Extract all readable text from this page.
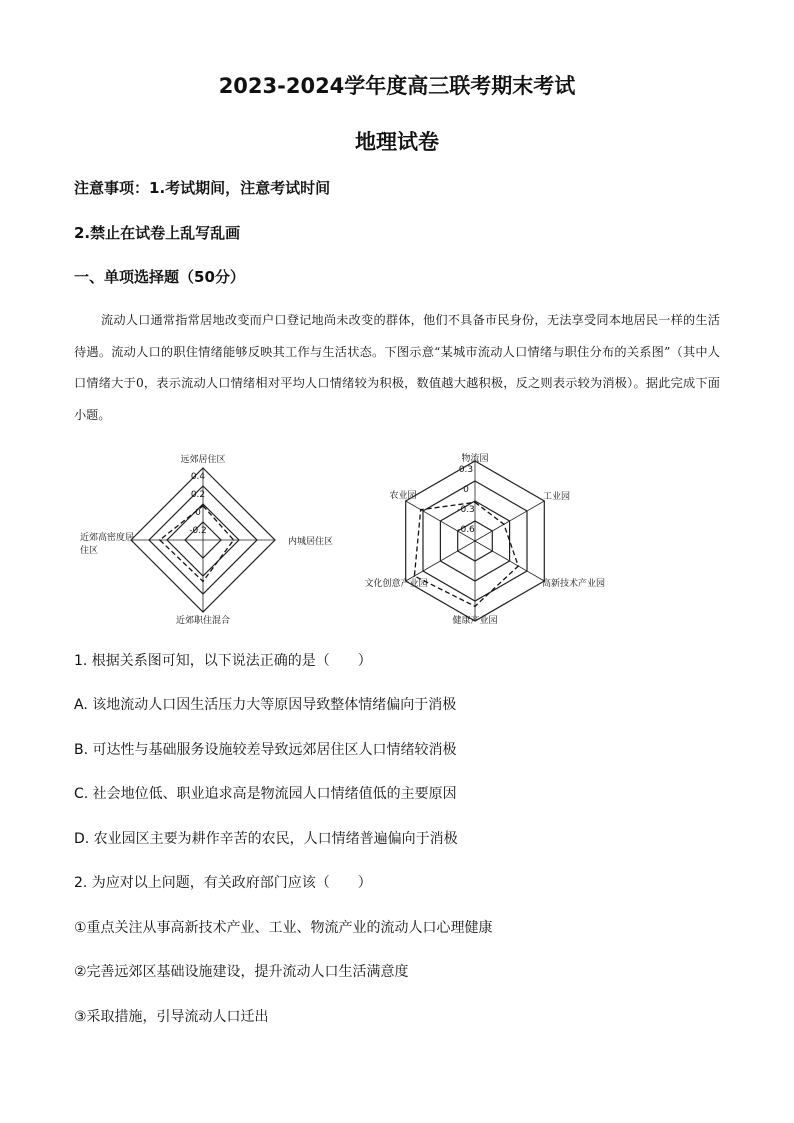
2023-2024学年度高三联考期末考试
地理试卷
注意事项：1.考试期间，注意考试时间
2.禁止在试卷上乱写乱画
一、单项选择题（50分）
流动人口通常指常居地改变而户口登记地尚未改变的群体，他们不具备市民身份，无法享受同本地居民一样的生活待遇。流动人口的职住情绪能够反映其工作与生活状态。下图示意“某城市流动人口情绪与职住分布的关系图”（其中人口情绪大于0，表示流动人口情绪相对平均人口情绪较为积极，数值越大越积极，反之则表示较为消极）。据此完成下面小题。
0.4
0.2
0
-0.2
远郊居住区
内城居住区
近郊职住混合
近郊高密度居
住区
0.3
0
-0.3
-0.6
物流园
工业园
高新技术产业园
健康产业园
文化创意产业园
农业园
1. 根据关系图可知，以下说法正确的是（　　）
A. 该地流动人口因生活压力大等原因导致整体情绪偏向于消极
B. 可达性与基础服务设施较差导致远郊居住区人口情绪较消极
C. 社会地位低、职业追求高是物流园人口情绪值低的主要原因
D. 农业园区主要为耕作辛苦的农民，人口情绪普遍偏向于消极
2. 为应对以上问题，有关政府部门应该（　　）
①重点关注从事高新技术产业、工业、物流产业的流动人口心理健康
②完善远郊区基础设施建设，提升流动人口生活满意度
③采取措施，引导流动人口迁出
